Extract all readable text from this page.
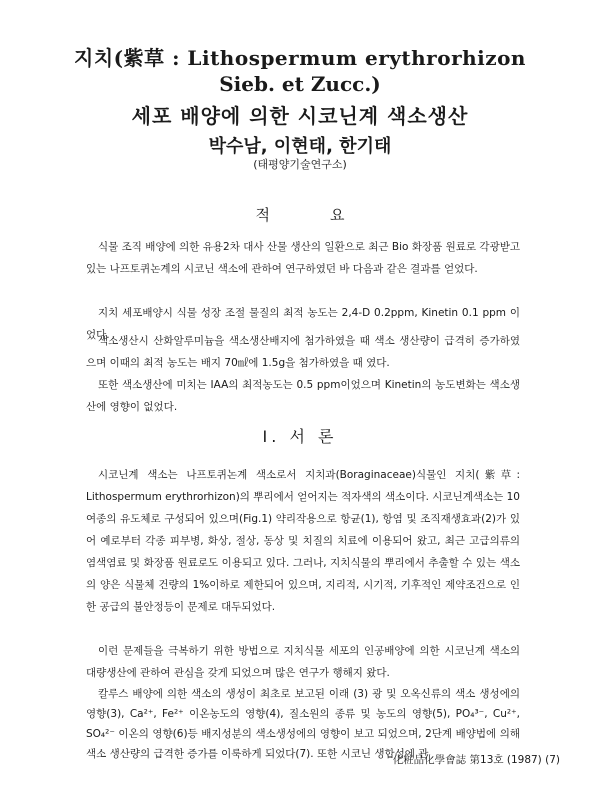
지치(紫草 : Lithospermum erythrorhizon
Sieb. et Zucc.)
세포 배양에 의한 시코닌계 색소생산
박수남, 이현태, 한기태
(태평양기술연구소)
적요
식물 조직 배양에 의한 유용2차 대사 산물 생산의 일환으로 최근 Bio 화장품 원료로 각광받고 있는 나프토퀴논계의 시코닌 색소에 관하여 연구하였던 바 다음과 같은 결과를 얻었다.
지치 세포배양시 식물 성장 조절 물질의 최적 농도는 2,4-D 0.2ppm, Kinetin 0.1 ppm 이었다.
색소생산시 산화알루미늄을 색소생산배지에 첨가하였을 때 색소 생산량이 급격히 증가하였으며 이때의 최적 농도는 배지 70㎖에 1.5g을 첨가하였을 때 였다.
또한 색소생산에 미치는 IAA의 최적농도는 0.5 ppm이었으며 Kinetin의 농도변화는 색소생산에 영향이 없었다.
I. 서 론
시코닌계 색소는 나프토퀴논계 색소로서 지치과(Boraginaceae)식물인 지치(紫草: Lithospermum erythrorhizon)의 뿌리에서 얻어지는 적자색의 색소이다. 시코닌계색소는 10여종의 유도체로 구성되어 있으며(Fig.1) 약리작용으로 항균(1), 항염 및 조직재생효과(2)가 있어 예로부터 각종 피부병, 화상, 절상, 동상 및 치질의 치료에 이용되어 왔고, 최근 고급의류의 염색염료 및 화장품 원료로도 이용되고 있다. 그러나, 지치식물의 뿌리에서 추출할 수 있는 색소의 양은 식물체 건량의 1%이하로 제한되어 있으며, 지리적, 시기적, 기후적인 제약조건으로 인한 공급의 불안정등이 문제로 대두되었다.
이런 문제들을 극복하기 위한 방법으로 지치식물 세포의 인공배양에 의한 시코닌계 색소의 대량생산에 관하여 관심을 갖게 되었으며 많은 연구가 행해지 왔다.
칼루스 배양에 의한 색소의 생성이 최초로 보고된 이래 (3) 광 및 오옥신류의 색소 생성에의 영향(3), Ca²⁺, Fe²⁺ 이온농도의 영향(4), 질소원의 종류 및 농도의 영향(5), PO₄³⁻, Cu²⁺, SO₄²⁻ 이온의 영향(6)등 배지성분의 색소생성에의 영향이 보고 되었으며, 2단계 배양법에 의해 색소 생산량의 급격한 증가를 이룩하게 되었다(7). 또한 시코닌 생합성에 관
化粧品化學會誌 第13호 (1987) (7)
